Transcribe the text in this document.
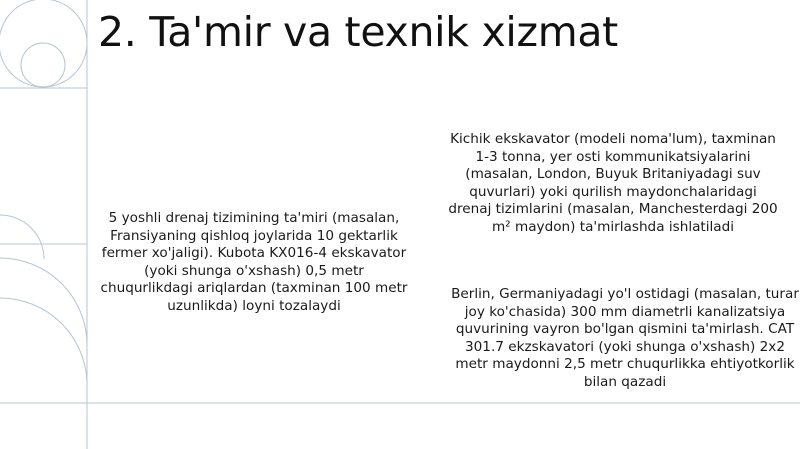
2. Ta'mir va texnik xizmat

5 yoshli drenaj tizimining ta'miri (masalan, Fransiyaning qishloq joylarida 10 gektarlik fermer xo'jaligi). Kubota KX016-4 ekskavator (yoki shunga o'xshash) 0,5 metr chuqurlikdagi ariqlardan (taxminan 100 metr uzunlikda) loyni tozalaydi

Kichik ekskavator (modeli noma'lum), taxminan 1-3 tonna, yer osti kommunikatsiyalarini (masalan, London, Buyuk Britaniyadagi suv quvurlari) yoki qurilish maydonchalaridagi drenaj tizimlarini (masalan, Manchesterdagi 200 m² maydon) ta'mirlashda ishlatiladi

Berlin, Germaniyadagi yo'l ostidagi (masalan, turar joy ko'chasida) 300 mm diametrli kanalizatsiya quvurining vayron bo'lgan qismini ta'mirlash. CAT 301.7 ekzskavatori (yoki shunga o'xshash) 2x2 metr maydonni 2,5 metr chuqurlikka ehtiyotkorlik bilan qazadi
